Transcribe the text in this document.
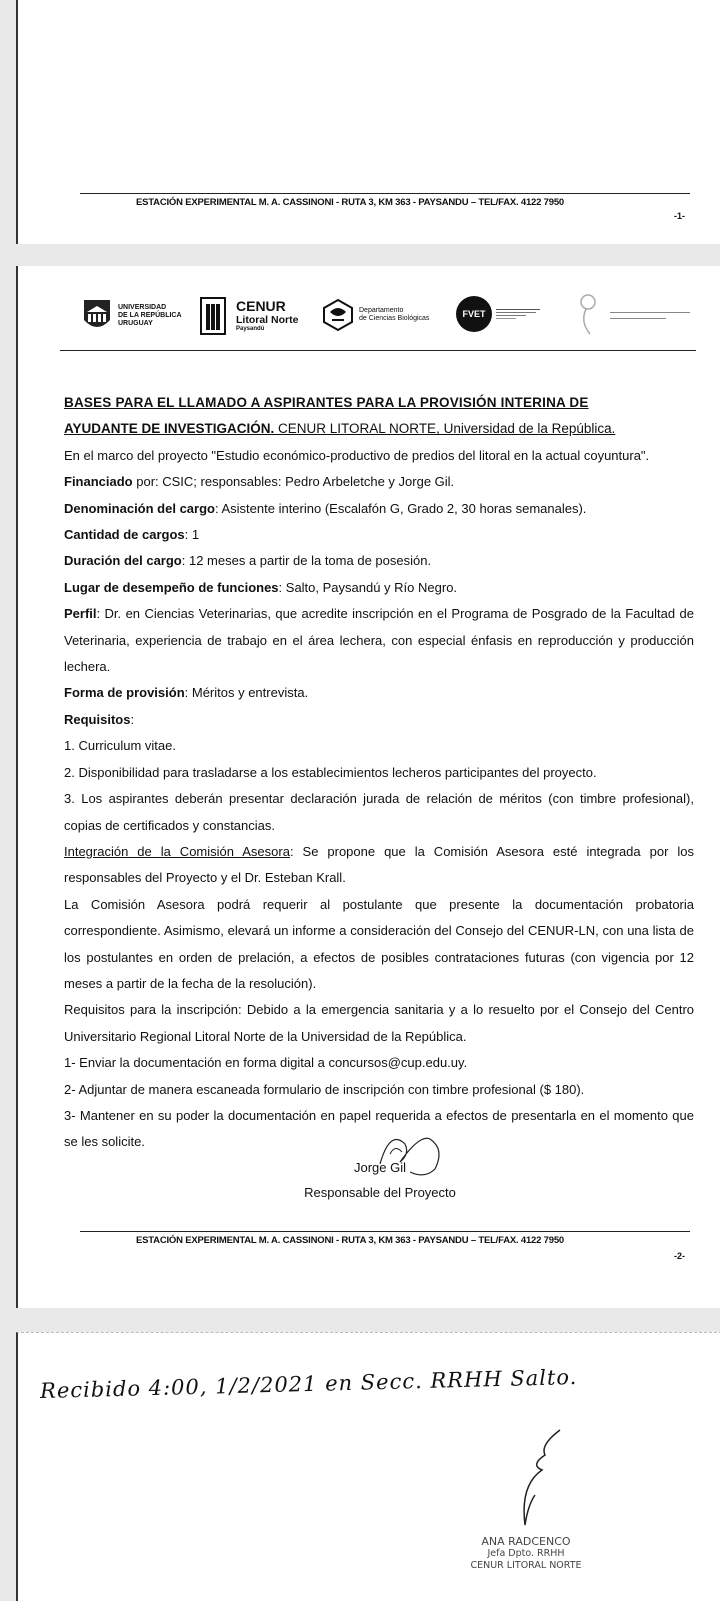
ESTACIÓN EXPERIMENTAL M. A. CASSINONI - RUTA 3, KM 363 - PAYSANDU – TEL/FAX. 4122 7950
-1-
ESTACIÓN EXPERIMENTAL M. A. CASSINONI - RUTA 3, KM 363 - PAYSANDU – TEL/FAX. 4122 7950
-2-
UNIVERSIDAD
DE LA REPÚBLICA
URUGUAY
CENUR
Litoral Norte
Paysandú
Departamento
de Ciencias Biológicas	FVET
BASES PARA EL LLAMADO A ASPIRANTES PARA LA PROVISIÓN INTERINA DE
AYUDANTE DE INVESTIGACIÓN. CENUR LITORAL NORTE, Universidad de la República.

En el marco del proyecto "Estudio económico-productivo de predios del litoral en la actual coyuntura".

Financiado por: CSIC; responsables: Pedro Arbeletche y Jorge Gil.

Denominación del cargo: Asistente interino (Escalafón G, Grado 2, 30 horas semanales).

Cantidad de cargos: 1

Duración del cargo: 12 meses a partir de la toma de posesión.

Lugar de desempeño de funciones: Salto, Paysandú y Río Negro.

Perfil: Dr. en Ciencias Veterinarias, que acredite inscripción en el Programa de Posgrado de la Facultad de Veterinaria, experiencia de trabajo en el área lechera, con especial énfasis en reproducción y producción lechera.

Forma de provisión: Méritos y entrevista.

Requisitos:

1. Curriculum vitae.

2. Disponibilidad para trasladarse a los establecimientos lecheros participantes del proyecto.

3. Los aspirantes deberán presentar declaración jurada de relación de méritos (con timbre profesional), copias de certificados y constancias.

Integración de la Comisión Asesora: Se propone que la Comisión Asesora esté integrada por los responsables del Proyecto y el Dr. Esteban Krall.

La Comisión Asesora podrá requerir al postulante que presente la documentación probatoria correspondiente. Asimismo, elevará un informe a consideración del Consejo del CENUR-LN, con una lista de los postulantes en orden de prelación, a efectos de posibles contrataciones futuras (con vigencia por 12 meses a partir de la fecha de la resolución).

Requisitos para la inscripción: Debido a la emergencia sanitaria y a lo resuelto por el Consejo del Centro Universitario Regional Litoral Norte de la Universidad de la República.

1- Enviar la documentación en forma digital a concursos@cup.edu.uy.

2- Adjuntar de manera escaneada formulario de inscripción con timbre profesional ($ 180).

3- Mantener en su poder la documentación en papel requerida a efectos de presentarla en el momento que se les solicite.

Jorge Gil
Responsable del Proyecto
Recibido 4:00, 1/2/2021 en Secc. RRHH Salto.
ANA RADCENCO
Jefa Dpto. RRHH
CENUR LITORAL NORTE
